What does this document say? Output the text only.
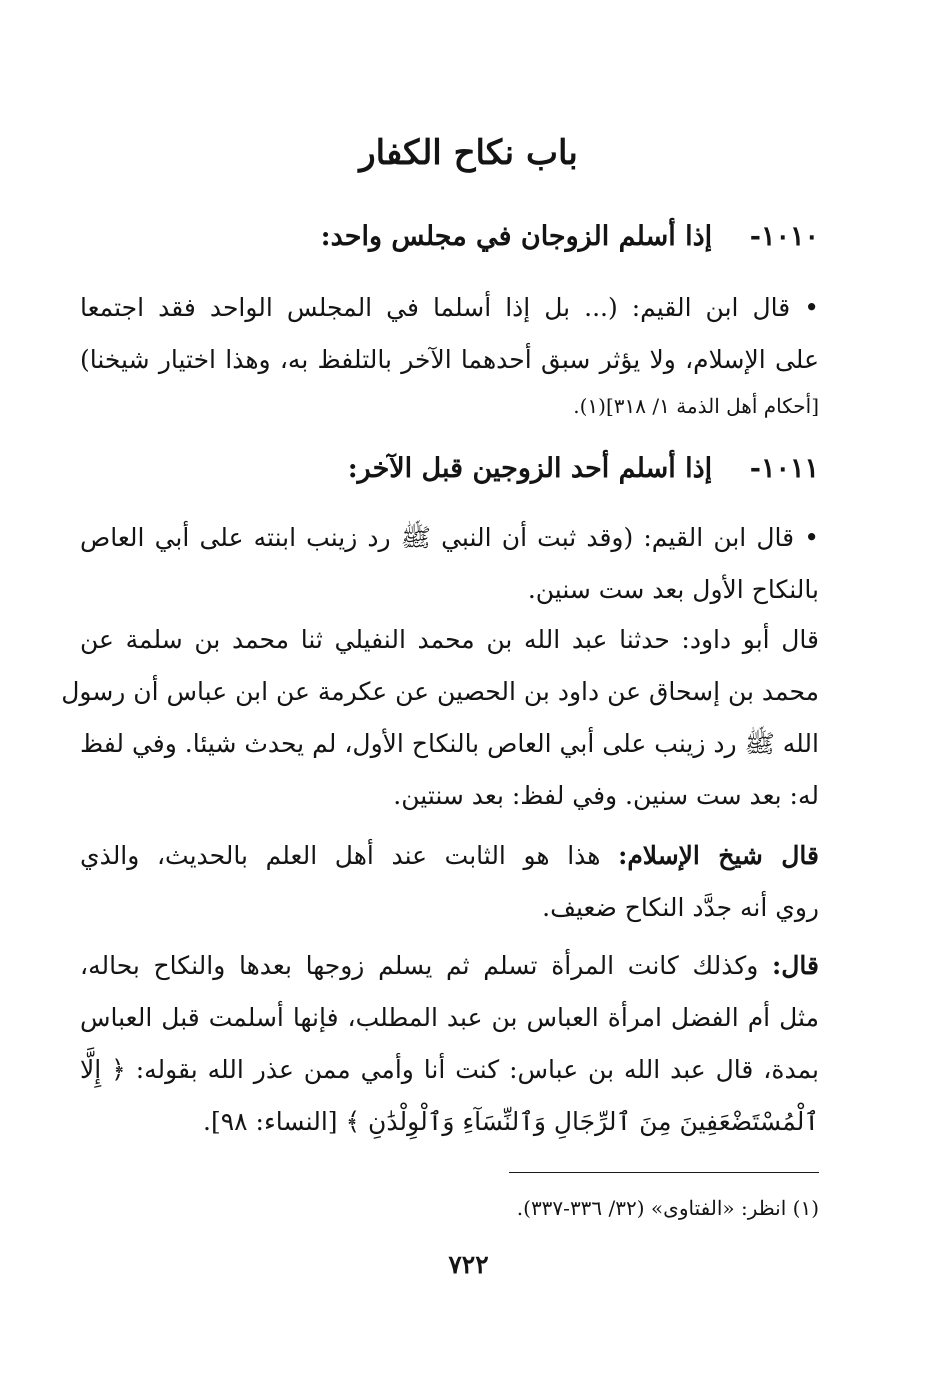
باب نكاح الكفار
١٠١٠-    إذا أسلم الزوجان في مجلس واحد:

• قال ابن القيم: (... بل إذا أسلما في المجلس الواحد فقد اجتمعا

على الإسلام، ولا يؤثر سبق أحدهما الآخر بالتلفظ به، وهذا اختيار شيخنا)

[أحكام أهل الذمة ١/ ٣١٨](١).

١٠١١-    إذا أسلم أحد الزوجين قبل الآخر:

• قال ابن القيم: (وقد ثبت أن النبي ﷺ رد زينب ابنته على أبي العاص

بالنكاح الأول بعد ست سنين.

قال أبو داود: حدثنا عبد الله بن محمد النفيلي ثنا محمد بن سلمة عن

محمد بن إسحاق عن داود بن الحصين عن عكرمة عن ابن عباس أن رسول

الله ﷺ رد زينب على أبي العاص بالنكاح الأول، لم يحدث شيئا. وفي لفظ

له: بعد ست سنين. وفي لفظ: بعد سنتين.

قال شيخ الإسلام: هذا هو الثابت عند أهل العلم بالحديث، والذي

روي أنه جدَّد النكاح ضعيف.

قال: وكذلك كانت المرأة تسلم ثم يسلم زوجها بعدها والنكاح بحاله،

مثل أم الفضل امرأة العباس بن عبد المطلب، فإنها أسلمت قبل العباس

بمدة، قال عبد الله بن عباس: كنت أنا وأمي ممن عذر الله بقوله: ﴿ إِلَّا

ٱلْمُسْتَضْعَفِينَ مِنَ ٱلرِّجَالِ وَٱلنِّسَآءِ وَٱلْوِلْدَٰنِ ﴾ [النساء: ٩٨].

(١) انظر: «الفتاوى» (٣٢/ ٣٣٦-٣٣٧).
٧٢٢
